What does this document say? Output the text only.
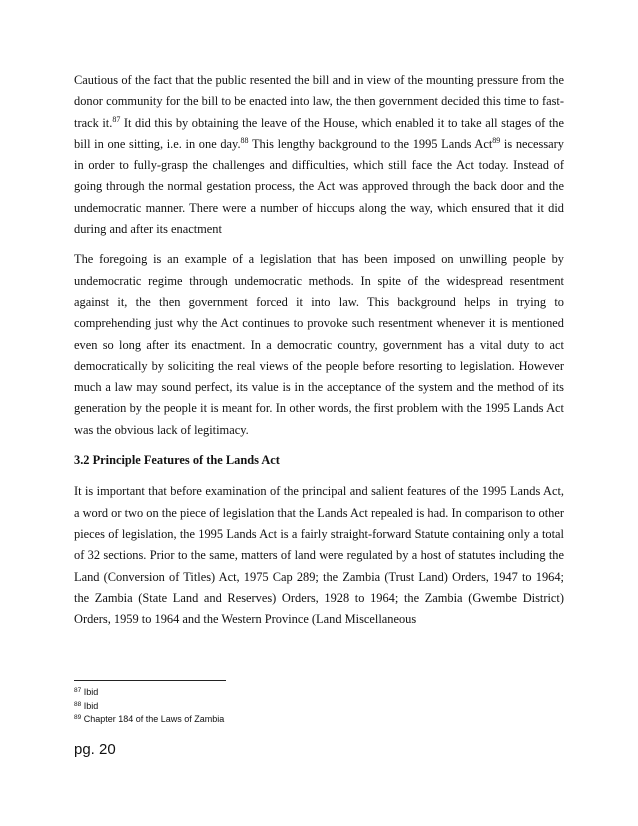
Cautious of the fact that the public resented the bill and in view of the mounting pressure from the donor community for the bill to be enacted into law, the then government decided this time to fast-track it.$^{87}$ It did this by obtaining the leave of the House, which enabled it to take all stages of the bill in one sitting, i.e. in one day.$^{88}$ This lengthy background to the 1995 Lands Act$^{89}$ is necessary in order to fully-grasp the challenges and difficulties, which still face the Act today. Instead of going through the normal gestation process, the Act was approved through the back door and the undemocratic manner. There were a number of hiccups along the way, which ensured that it did during and after its enactment

The foregoing is an example of a legislation that has been imposed on unwilling people by undemocratic regime through undemocratic methods. In spite of the widespread resentment against it, the then government forced it into law. This background helps in trying to comprehending just why the Act continues to provoke such resentment whenever it is mentioned even so long after its enactment. In a democratic country, government has a vital duty to act democratically by soliciting the real views of the people before resorting to legislation. However much a law may sound perfect, its value is in the acceptance of the system and the method of its generation by the people it is meant for. In other words, the first problem with the 1995 Lands Act was the obvious lack of legitimacy.

3.2 Principle Features of the Lands Act

It is important that before examination of the principal and salient features of the 1995 Lands Act, a word or two on the piece of legislation that the Lands Act repealed is had. In comparison to other pieces of legislation, the 1995 Lands Act is a fairly straight-forward Statute containing only a total of 32 sections. Prior to the same, matters of land were regulated by a host of statutes including the Land (Conversion of Titles) Act, 1975 Cap 289; the Zambia (Trust Land) Orders, 1947 to 1964; the Zambia (State Land and Reserves) Orders, 1928 to 1964; the Zambia (Gwembe District) Orders, 1959 to 1964 and the Western Province (Land Miscellaneous

$^{87}$ Ibid
$^{88}$ Ibid
$^{89}$ Chapter 184 of the Laws of Zambia
pg. 20
